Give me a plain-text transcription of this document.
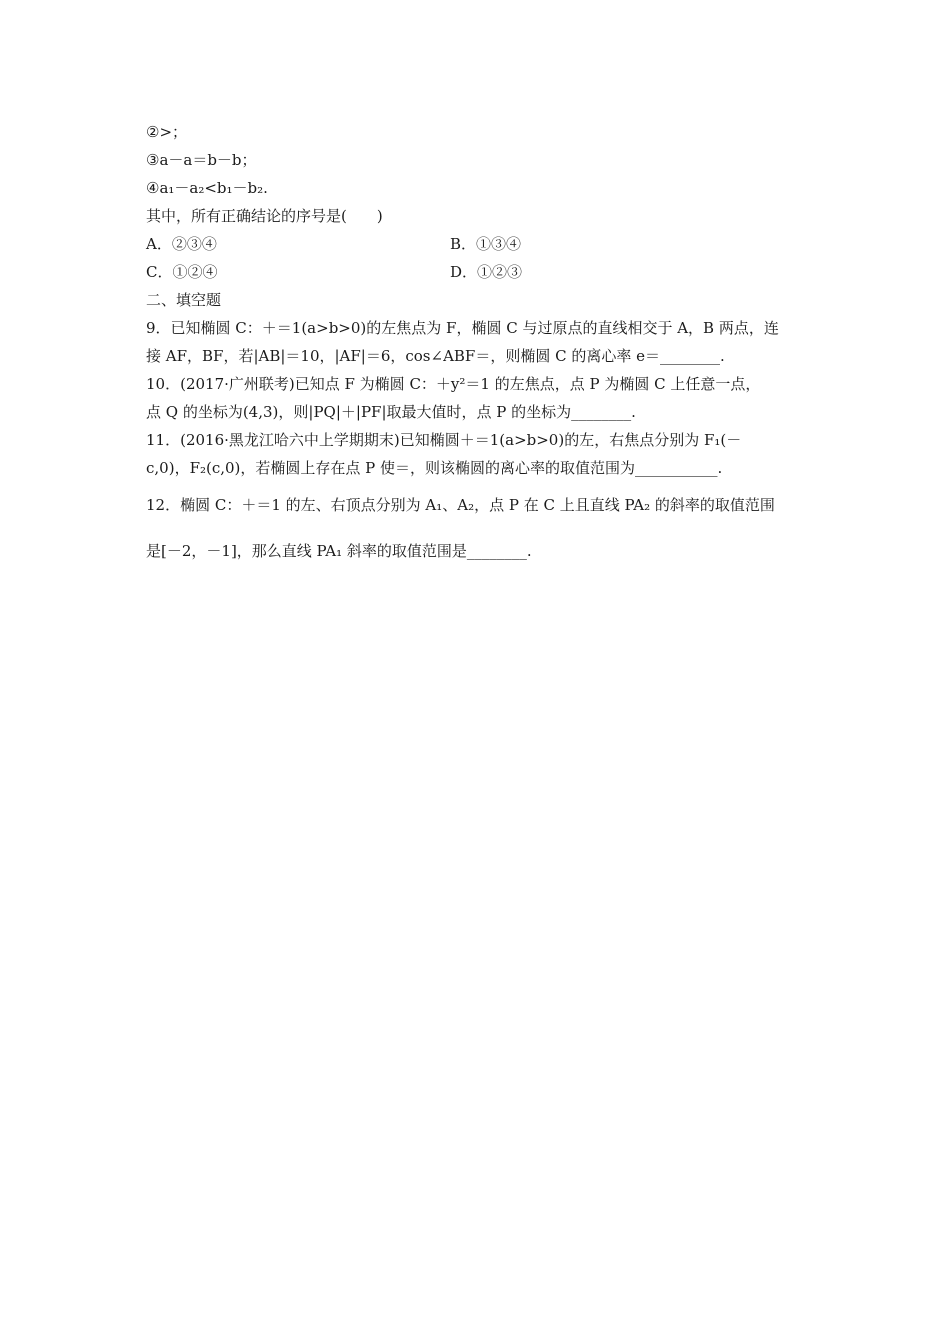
②>；
③a－a＝b－b；
④a₁－a₂<b₁－b₂.
其中，所有正确结论的序号是(　　)
A．②③④	B．①③④
C．①②④	D．①②③
二、填空题
9．已知椭圆 C：＋＝1(a>b>0)的左焦点为 F，椭圆 C 与过原点的直线相交于 A，B 两点，连
接 AF，BF，若|AB|＝10，|AF|＝6，cos∠ABF＝，则椭圆 C 的离心率 e＝________.
10．(2017·广州联考)已知点 F 为椭圆 C：＋y²＝1 的左焦点，点 P 为椭圆 C 上任意一点，
点 Q 的坐标为(4,3)，则|PQ|＋|PF|取最大值时，点 P 的坐标为________.
11．(2016·黑龙江哈六中上学期期末)已知椭圆＋＝1(a>b>0)的左，右焦点分别为 F₁(－
c,0)，F₂(c,0)，若椭圆上存在点 P 使＝，则该椭圆的离心率的取值范围为___________.
12．椭圆 C：＋＝1 的左、右顶点分别为 A₁、A₂，点 P 在 C 上且直线 PA₂ 的斜率的取值范围
是[－2，－1]，那么直线 PA₁ 斜率的取值范围是________.
